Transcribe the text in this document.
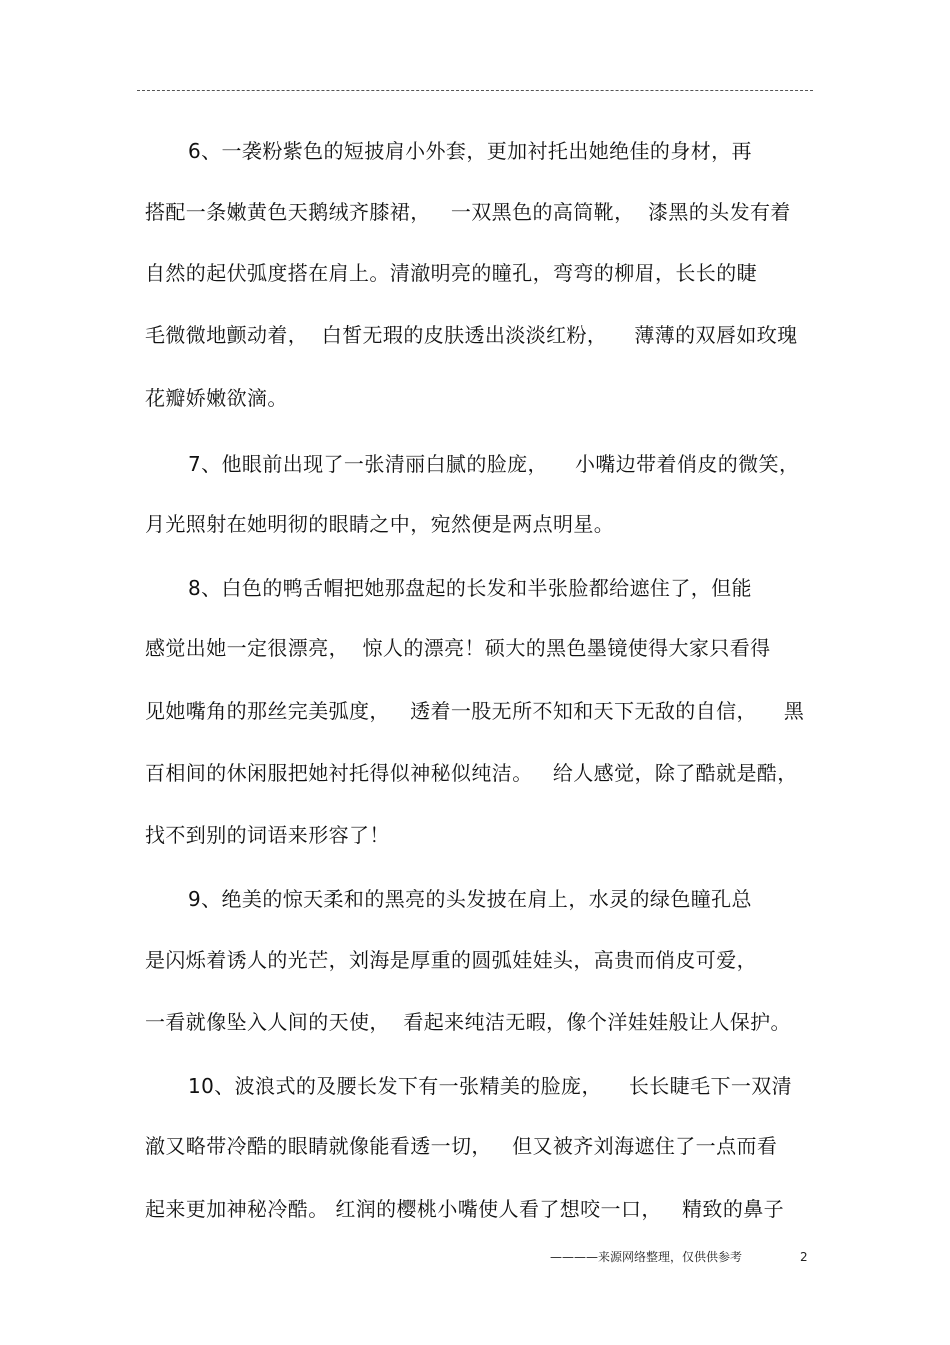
6、一袭粉紫色的短披肩小外套，更加衬托出她绝佳的身材，再
搭配一条嫩黄色天鹅绒齐膝裙，   一双黑色的高筒靴，  漆黑的头发有着
自然的起伏弧度搭在肩上。清澈明亮的瞳孔，弯弯的柳眉，长长的睫
毛微微地颤动着，  白皙无瑕的皮肤透出淡淡红粉，    薄薄的双唇如玫瑰
花瓣娇嫩欲滴。
7、他眼前出现了一张清丽白腻的脸庞，    小嘴边带着俏皮的微笑，
月光照射在她明彻的眼睛之中，宛然便是两点明星。
8、白色的鸭舌帽把她那盘起的长发和半张脸都给遮住了，但能
感觉出她一定很漂亮，  惊人的漂亮！硕大的黑色墨镜使得大家只看得
见她嘴角的那丝完美弧度，   透着一股无所不知和天下无敌的自信，    黑
百相间的休闲服把她衬托得似神秘似纯洁。   给人感觉，除了酷就是酷，
找不到别的词语来形容了！
9、绝美的惊天柔和的黑亮的头发披在肩上，水灵的绿色瞳孔总
是闪烁着诱人的光芒，刘海是厚重的圆弧娃娃头，高贵而俏皮可爱，
一看就像坠入人间的天使，  看起来纯洁无暇，像个洋娃娃般让人保护。
10、波浪式的及腰长发下有一张精美的脸庞，    长长睫毛下一双清
澈又略带冷酷的眼睛就像能看透一切，   但又被齐刘海遮住了一点而看
起来更加神秘冷酷。 红润的樱桃小嘴使人看了想咬一口，   精致的鼻子
————来源网络整理，仅供供参考	2
